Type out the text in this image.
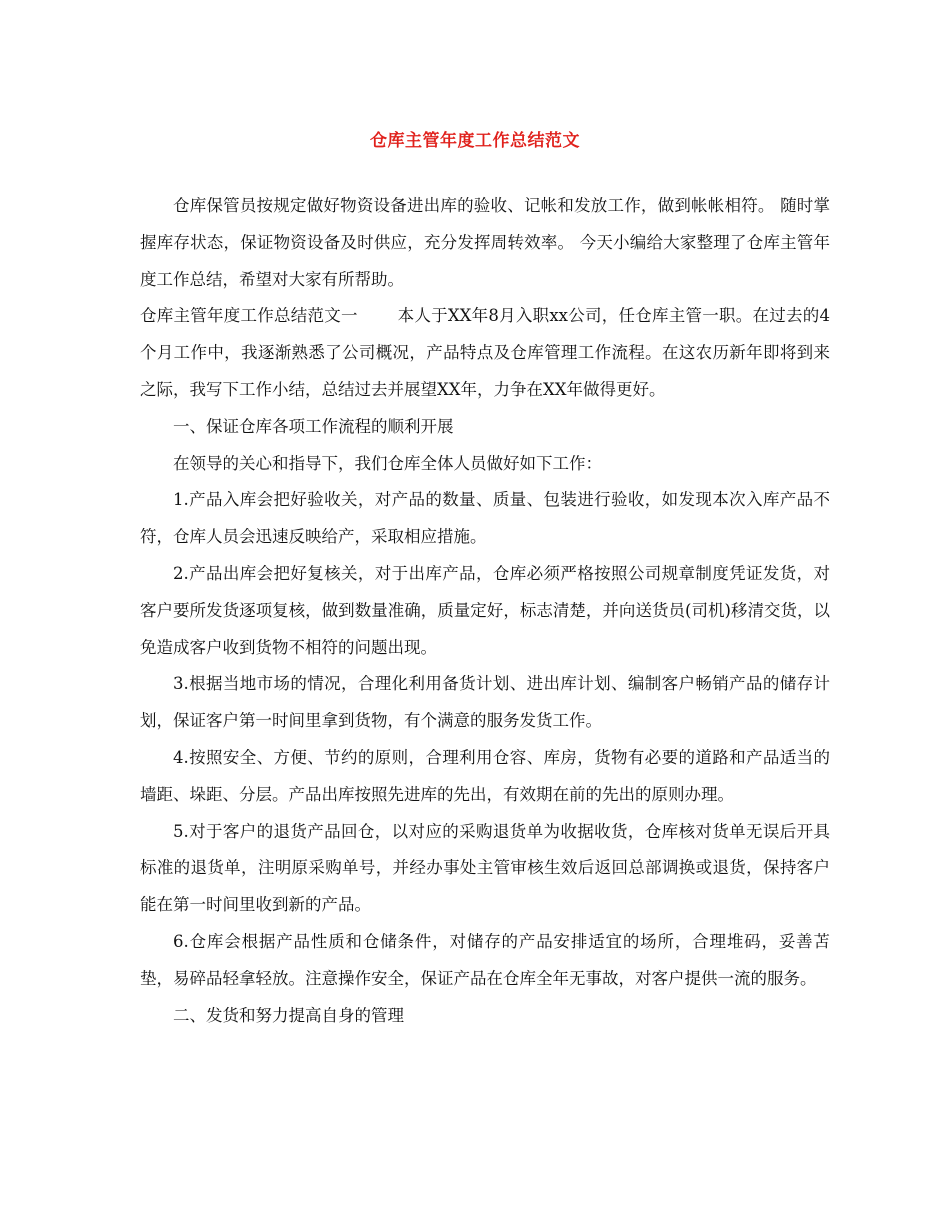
仓库主管年度工作总结范文

仓库保管员按规定做好物资设备进出库的验收、记帐和发放工作，做到帐帐相符。 随时掌握库存状态，保证物资设备及时供应，充分发挥周转效率。 今天小编给大家整理了仓库主管年度工作总结，希望对大家有所帮助。

仓库主管年度工作总结范文一 本人于XX年8月入职xx公司，任仓库主管一职。在过去的4个月工作中，我逐渐熟悉了公司概况，产品特点及仓库管理工作流程。在这农历新年即将到来之际，我写下工作小结，总结过去并展望XX年，力争在XX年做得更好。

一、保证仓库各项工作流程的顺利开展

在领导的关心和指导下，我们仓库全体人员做好如下工作：

1.产品入库会把好验收关，对产品的数量、质量、包装进行验收，如发现本次入库产品不符，仓库人员会迅速反映给产，采取相应措施。

2.产品出库会把好复核关，对于出库产品，仓库必须严格按照公司规章制度凭证发货，对客户要所发货逐项复核，做到数量准确，质量定好，标志清楚，并向送货员(司机)移清交货，以免造成客户收到货物不相符的问题出现。

3.根据当地市场的情况，合理化利用备货计划、进出库计划、编制客户畅销产品的储存计划，保证客户第一时间里拿到货物，有个满意的服务发货工作。

4.按照安全、方便、节约的原则，合理利用仓容、库房，货物有必要的道路和产品适当的墙距、垛距、分层。产品出库按照先进库的先出，有效期在前的先出的原则办理。

5.对于客户的退货产品回仓，以对应的采购退货单为收据收货，仓库核对货单无误后开具标准的退货单，注明原采购单号，并经办事处主管审核生效后返回总部调换或退货，保持客户能在第一时间里收到新的产品。

6.仓库会根据产品性质和仓储条件，对储存的产品安排适宜的场所，合理堆码，妥善苫垫，易碎品轻拿轻放。注意操作安全，保证产品在仓库全年无事故，对客户提供一流的服务。

二、发货和努力提高自身的管理
